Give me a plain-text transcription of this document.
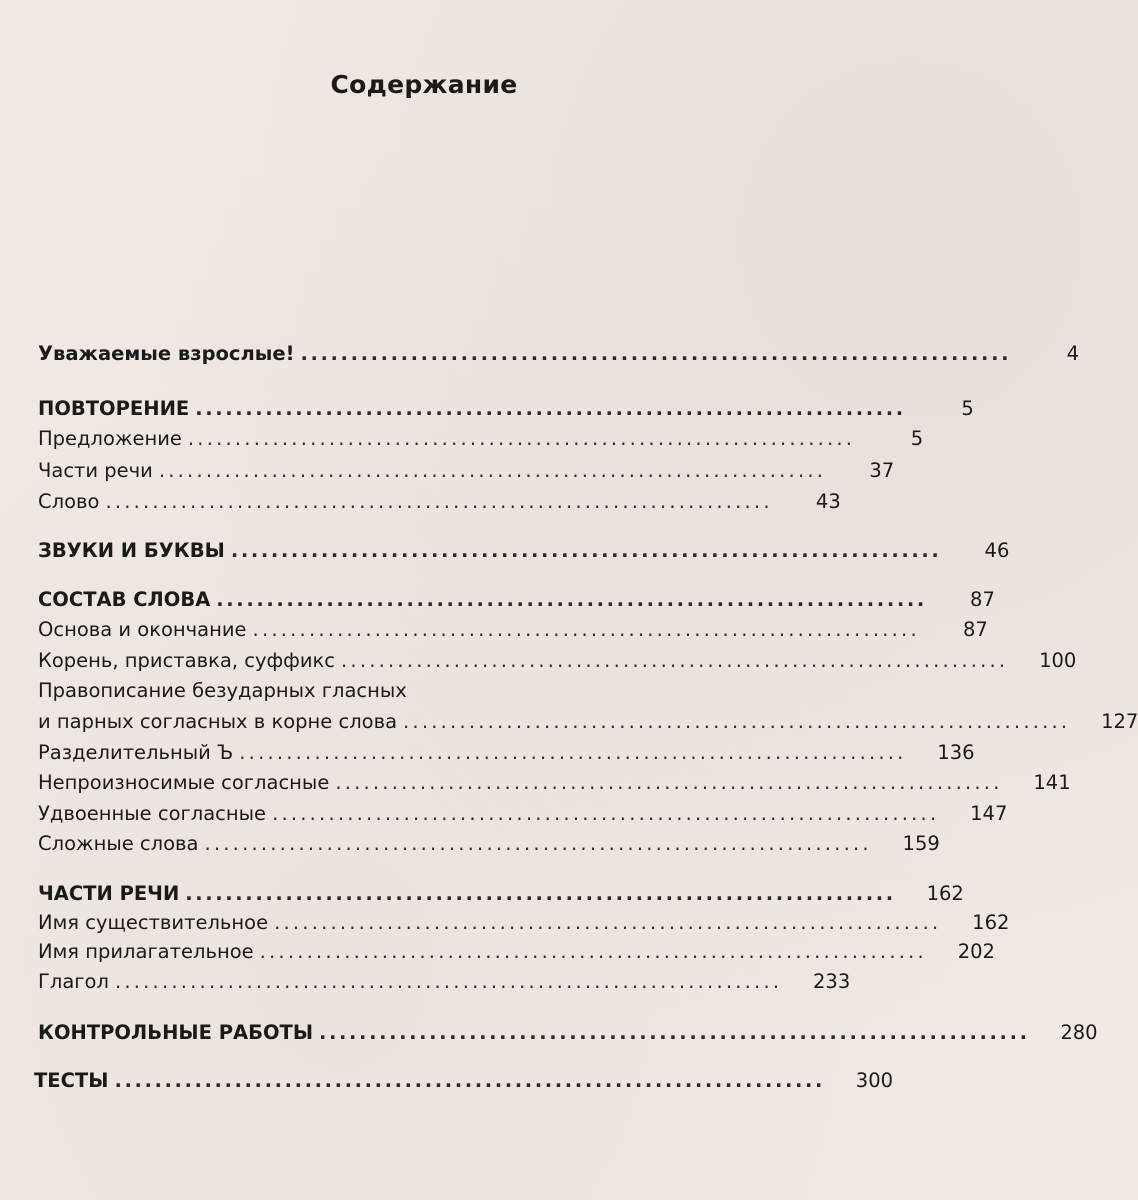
Содержание
Уважаемые взрослые! .......................................................................	4
ПОВТОРЕНИЕ .......................................................................	5
Предложение .......................................................................	5
Части речи .......................................................................	37
Слово .......................................................................	43
ЗВУКИ И БУКВЫ .......................................................................	46
СОСТАВ СЛОВА .......................................................................	87
Основа и окончание .......................................................................	87
Корень, приставка, суффикс .......................................................................	100
Правописание безударных гласных
и парных согласных в корне слова .......................................................................	127
Разделительный Ъ .......................................................................	136
Непроизносимые согласные .......................................................................	141
Удвоенные согласные .......................................................................	147
Сложные слова .......................................................................	159
ЧАСТИ РЕЧИ .......................................................................	162
Имя существительное .......................................................................	162
Имя прилагательное .......................................................................	202
Глагол .......................................................................	233
КОНТРОЛЬНЫЕ РАБОТЫ .......................................................................	280
ТЕСТЫ .......................................................................	300
